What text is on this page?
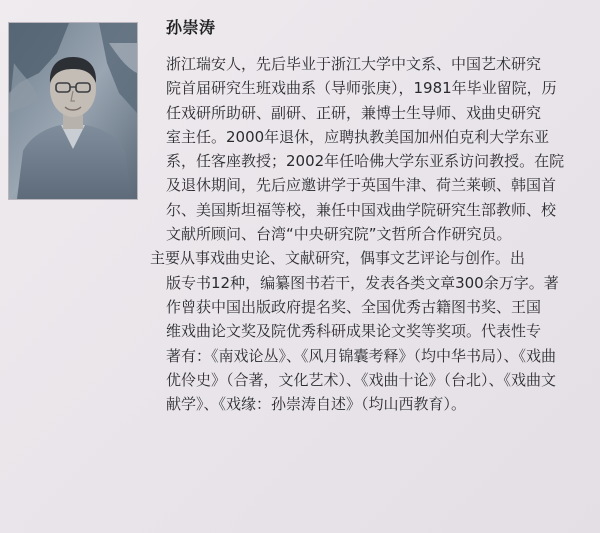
孙崇涛

浙江瑞安人，先后毕业于浙江大学中文系、中国艺术研究
院首届研究生班戏曲系（导师张庚），1981年毕业留院，历
任戏研所助研、副研、正研，兼博士生导师、戏曲史研究
室主任。2000年退休，应聘执教美国加州伯克利大学东亚
系，任客座教授；2002年任哈佛大学东亚系访问教授。在院
及退休期间，先后应邀讲学于英国牛津、荷兰莱顿、韩国首
尔、美国斯坦福等校，兼任中国戏曲学院研究生部教师、校
文献所顾问、台湾“中央研究院”文哲所合作研究员。

主要从事戏曲史论、文献研究，偶事文艺评论与创作。出
版专书12种，编纂图书若干，发表各类文章300余万字。著
作曾获中国出版政府提名奖、全国优秀古籍图书奖、王国
维戏曲论文奖及院优秀科研成果论文奖等奖项。代表性专
著有：《南戏论丛》、《风月锦囊考释》（均中华书局）、《戏曲
优伶史》（合著，文化艺术）、《戏曲十论》（台北）、《戏曲文
献学》、《戏缘：孙崇涛自述》（均山西教育）。
